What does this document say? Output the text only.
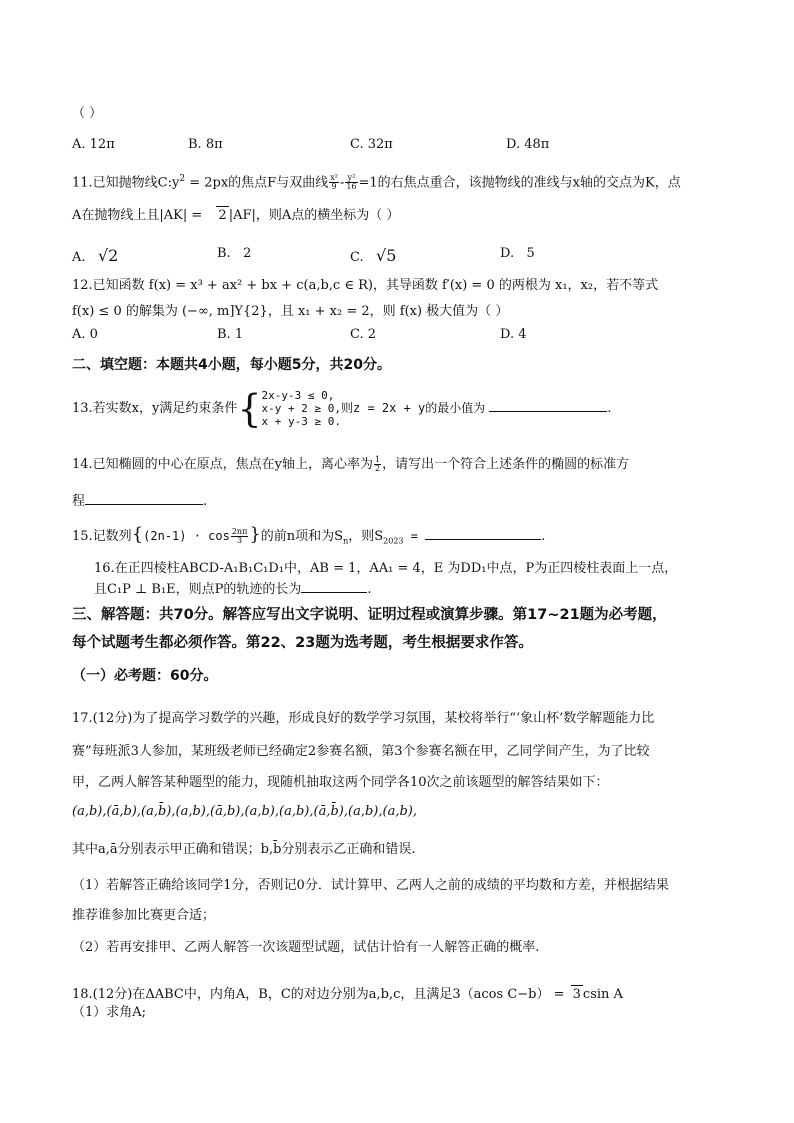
（ ）
A. 12π	B. 8π	C. 32π	D. 48π
11.已知抛物线$C:y^2 = 2px$的焦点F与双曲线 $\frac{\text{x²}}{9} - \frac{\text{y²}}{16} =1$的右焦点重合，该抛物线的准线与x轴的交点为K，点
A在抛物线上且|AK| = 2 |AF|，则A点的横坐标为（ ）
A. √2	B. 2	C. √5	D. 5
12.已知函数 f(x) = x³ + ax² + bx + c(a,b,c ∈ R)，其导函数 f′(x) = 0 的两根为 x₁，x₂，若不等式
f(x) ≤ 0 的解集为 (−∞, m]Y{2}，且 x₁ + x₂ = 2，则 f(x) 极大值为（ ）
A. 0	B. 1	C. 2	D. 4
二、填空题：本题共4小题，每小题5分，共20分。
13.若实数x，y满足约束条件{ 2x-y-3 ≤ 0,
x-y + 2 ≥ 0,
x + y-3 ≥ 0.
则z = 2x + y的最小值为	.
14.已知椭圆的中心在原点，焦点在y轴上，离心率为 $\frac{1}{2}$ ，请写出一个符合上述条件的椭圆的标准方
程	.
15.记数列{$(2n-1) \cdot \cos \frac{2n\pi}{3}$ }的前n项和为$S_n$，则$S_{2023}$ =	.
16.在正四棱柱ABCD-A₁B₁C₁D₁中，AB = 1，AA₁ = 4，E 为DD₁中点，P为正四棱柱表面上一点，
且C₁P ⊥ B₁E，则点P的轨迹的长为	.
三、解答题：共70分。解答应写出文字说明、证明过程或演算步骤。第17~21题为必考题，
每个试题考生都必须作答。第22、23题为选考题，考生根据要求作答。
（一）必考题：60分。
17.(12分)为了提高学习数学的兴趣，形成良好的数学学习氛围，某校将举行“‘象山杯’数学解题能力比
赛”每班派3人参加，某班级老师已经确定2参赛名额，第3个参赛名额在甲，乙同学间产生，为了比较
甲，乙两人解答某种题型的能力，现随机抽取这两个同学各10次之前该题型的解答结果如下：
(a,b),(ā,b),(a,b̄),(a,b),(ā,b),(a,b),(a,b),(ā,b̄),(a,b),(a,b),
其中a,ā分别表示甲正确和错误；b,b̄分别表示乙正确和错误.
（1）若解答正确给该同学1分，否则记0分．试计算甲、乙两人之前的成绩的平均数和方差，并根据结果
推荐谁参加比赛更合适；
（2）若再安排甲、乙两人解答一次该题型试题，试估计恰有一人解答正确的概率.
18.(12分)在ΔABC中，内角A，B，C的对边分别为a,b,c，且满足3（acos C−b） = 3 csin A
（1）求角A;
